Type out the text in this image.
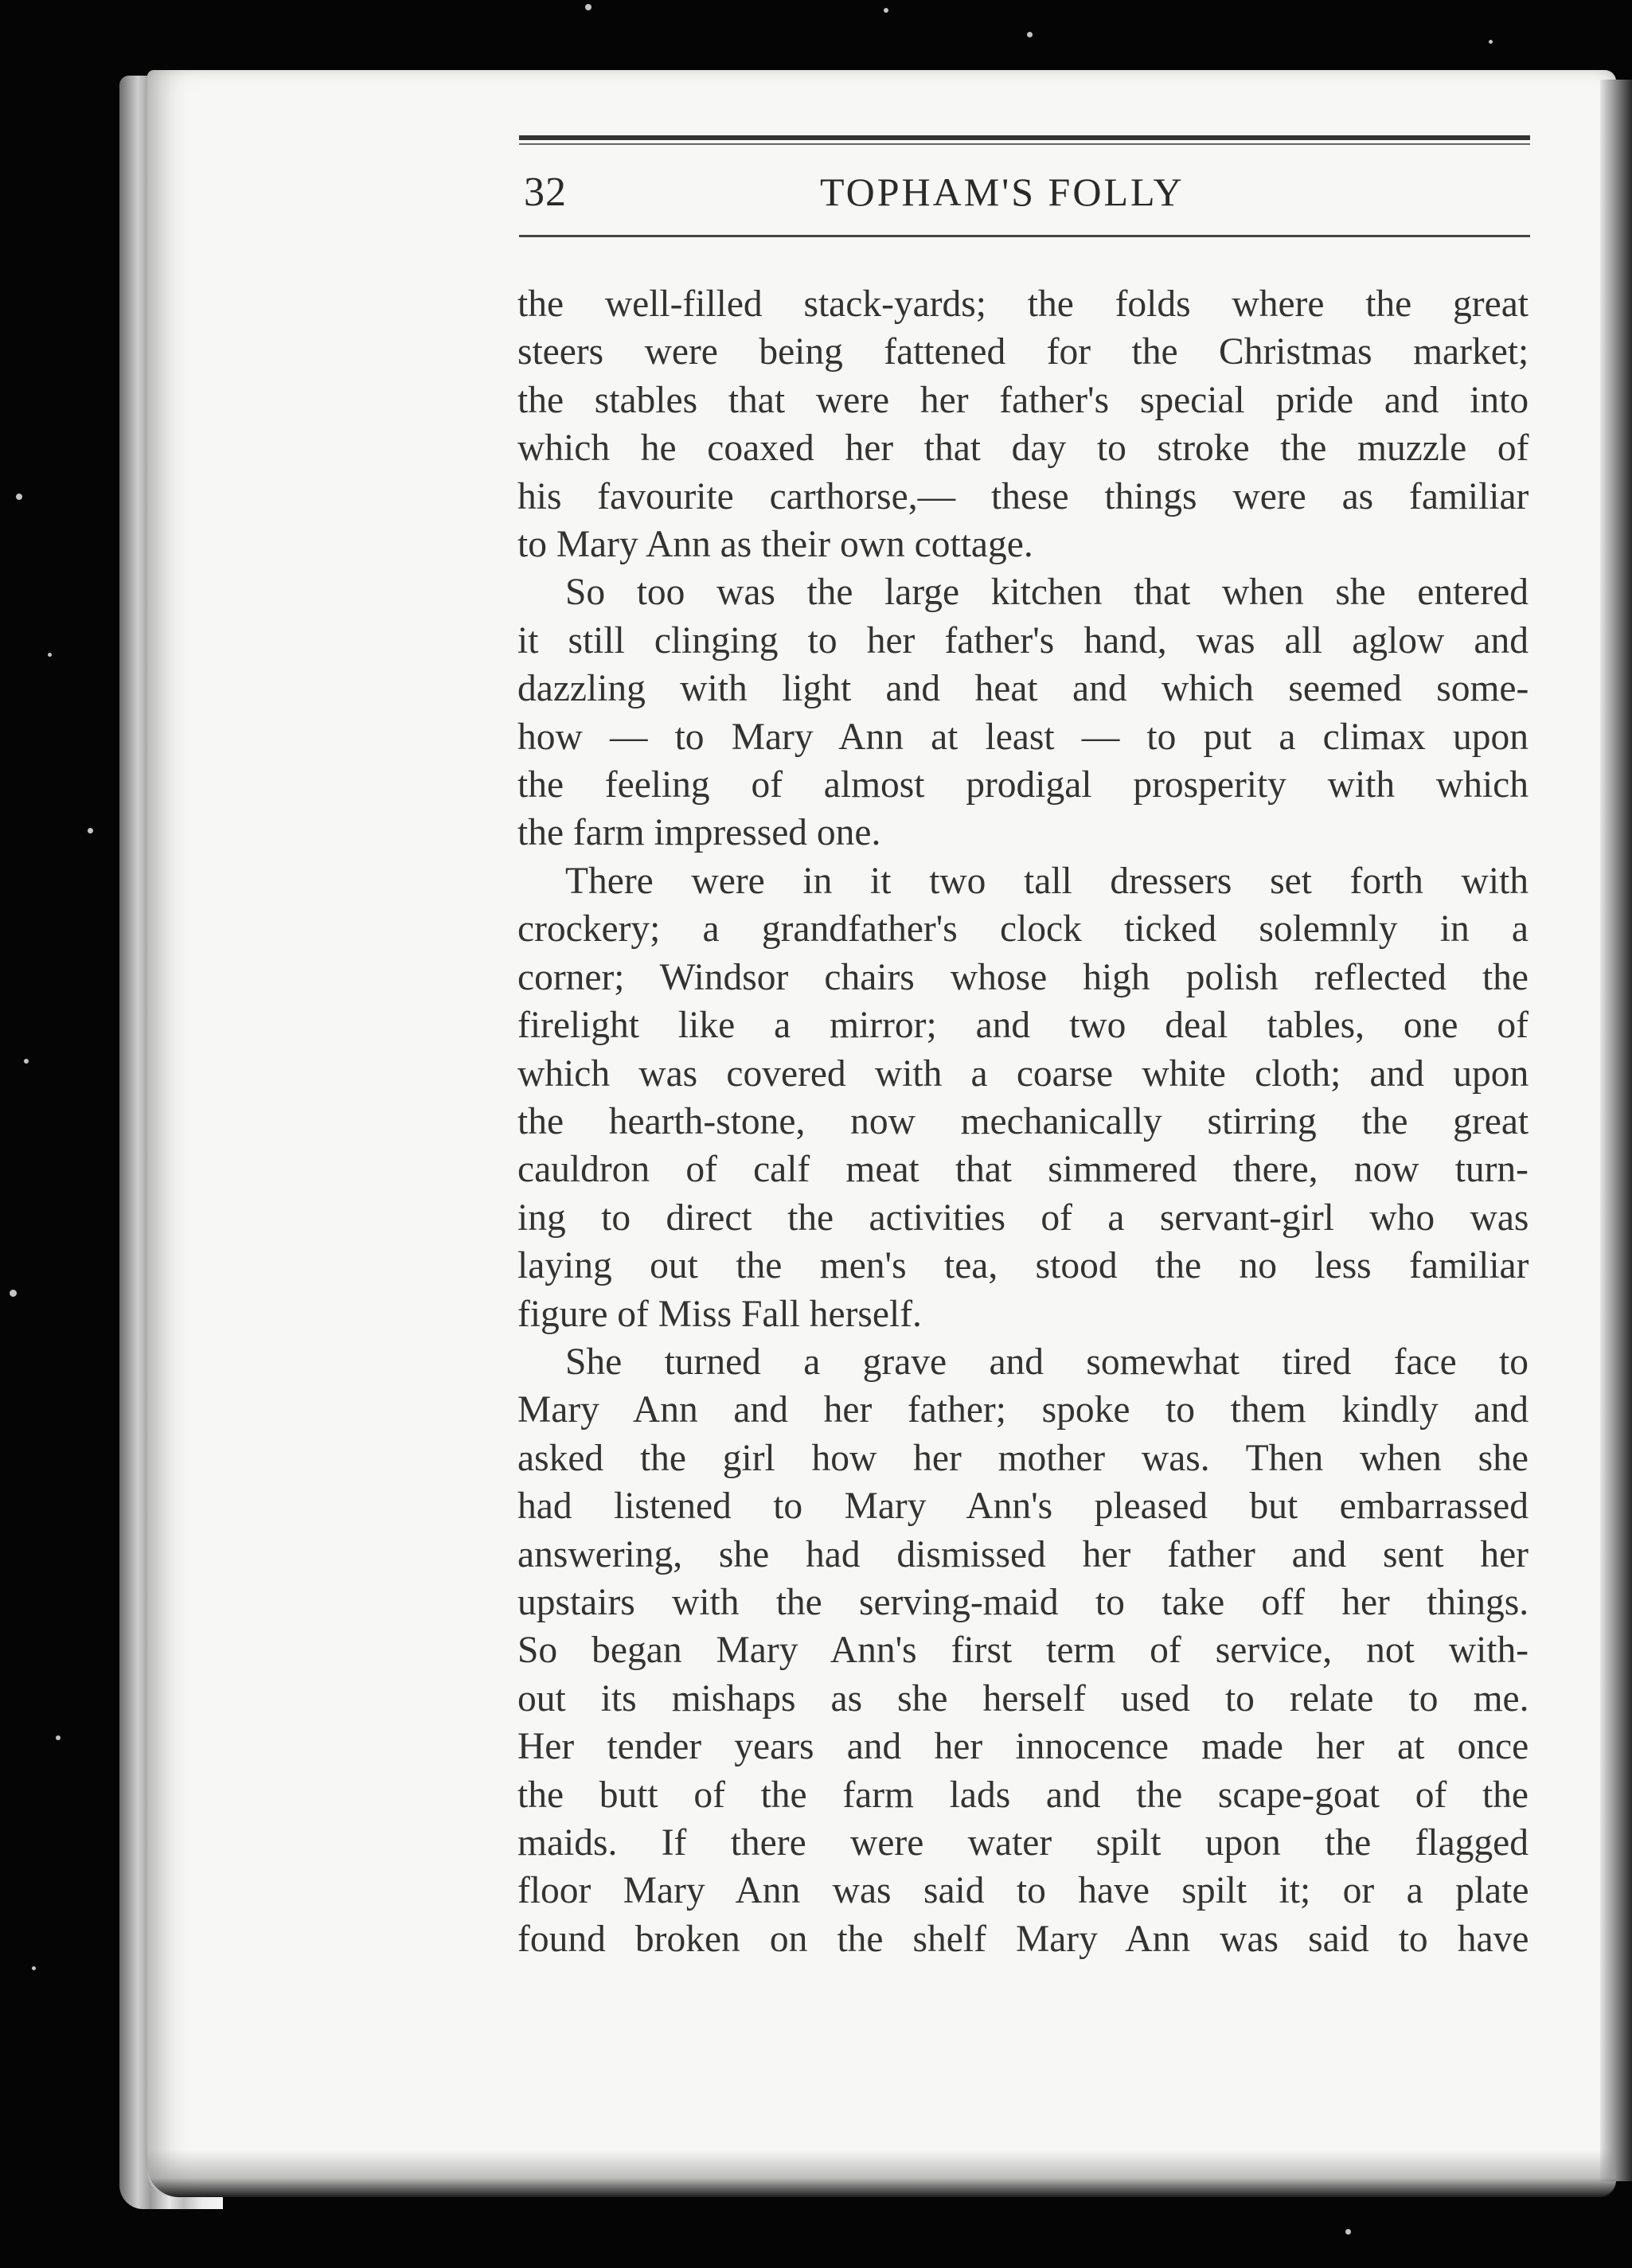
32	TOPHAM'S FOLLY
the well-filled stack-yards; the folds where the great
steers were being fattened for the Christmas market;
the stables that were her father's special pride and into
which he coaxed her that day to stroke the muzzle of
his favourite carthorse,— these things were as familiar
to Mary Ann as their own cottage.
So too was the large kitchen that when she entered
it still clinging to her father's hand, was all aglow and
dazzling with light and heat and which seemed some-
how — to Mary Ann at least — to put a climax upon
the feeling of almost prodigal prosperity with which
the farm impressed one.
There were in it two tall dressers set forth with
crockery; a grandfather's clock ticked solemnly in a
corner; Windsor chairs whose high polish reflected the
firelight like a mirror; and two deal tables, one of
which was covered with a coarse white cloth; and upon
the hearth-stone, now mechanically stirring the great
cauldron of calf meat that simmered there, now turn-
ing to direct the activities of a servant-girl who was
laying out the men's tea, stood the no less familiar
figure of Miss Fall herself.
She turned a grave and somewhat tired face to
Mary Ann and her father; spoke to them kindly and
asked the girl how her mother was. Then when she
had listened to Mary Ann's pleased but embarrassed
answering, she had dismissed her father and sent her
upstairs with the serving-maid to take off her things.
So began Mary Ann's first term of service, not with-
out its mishaps as she herself used to relate to me.
Her tender years and her innocence made her at once
the butt of the farm lads and the scape-goat of the
maids. If there were water spilt upon the flagged
floor Mary Ann was said to have spilt it; or a plate
found broken on the shelf Mary Ann was said to have
